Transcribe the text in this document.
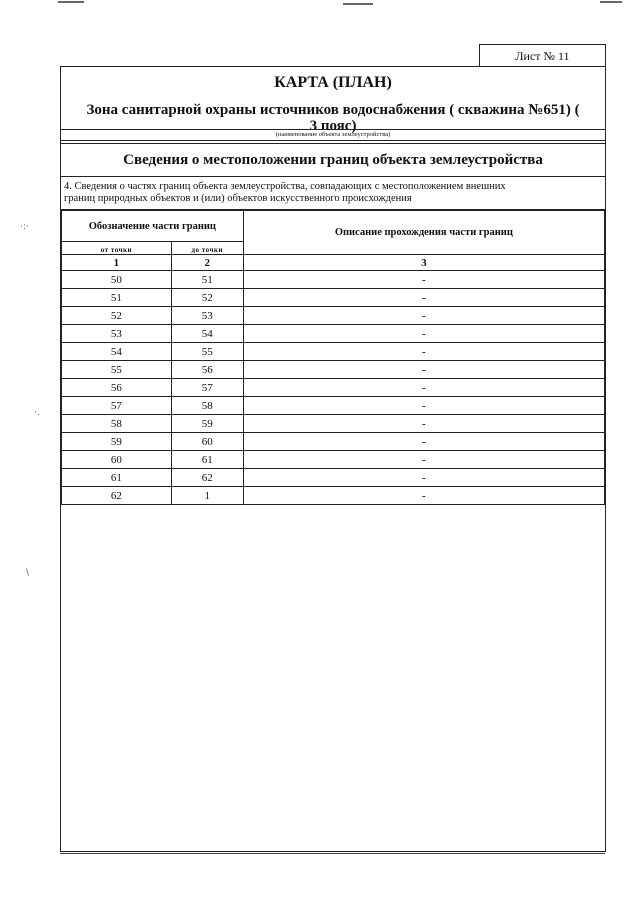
·:·
·.
\
Лист № 11
КАРТА (ПЛАН)
Зона санитарной охраны источников водоснабжения ( скважина №651) ( 3 пояс)
(наименование объекта землеустройства)
Сведения о местоположении границ объекта землеустройства
4. Сведения о частях границ объекта землеустройства, совпадающих с местоположением внешних
границ природных объектов и (или) объектов искусственного происхождения
Обозначение части границ		Описание прохождения части границ
от точки	до точки	
1	2	3
50	51	-
51	52	-
52	53	-
53	54	-
54	55	-
55	56	-
56	57	-
57	58	-
58	59	-
59	60	-
60	61	-
61	62	-
62	1	-
